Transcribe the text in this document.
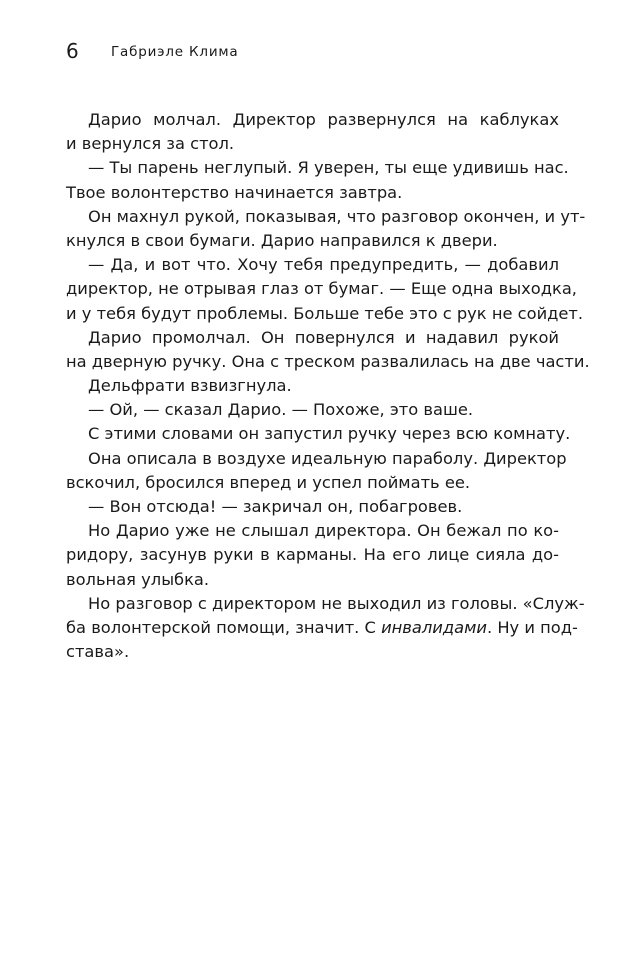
6 Габриэле Клима
Дарио молчал. Директор развернулся на каблуках
и вернулся за стол.
— Ты парень неглупый. Я уверен, ты еще удивишь нас.
Твое волонтерство начинается завтра.
Он махнул рукой, показывая, что разговор окончен, и ут-
кнулся в свои бумаги. Дарио направился к двери.
— Да, и вот что. Хочу тебя предупредить, — добавил
директор, не отрывая глаз от бумаг. — Еще одна выходка,
и у тебя будут проблемы. Больше тебе это с рук не сойдет.
Дарио промолчал. Он повернулся и надавил рукой
на дверную ручку. Она с треском развалилась на две части.
Дельфрати взвизгнула.
— Ой, — сказал Дарио. — Похоже, это ваше.
С этими словами он запустил ручку через всю комнату.
Она описала в воздухе идеальную параболу. Директор
вскочил, бросился вперед и успел поймать ее.
— Вон отсюда! — закричал он, побагровев.
Но Дарио уже не слышал директора. Он бежал по ко-
ридору, засунув руки в карманы. На его лице сияла до-
вольная улыбка.
Но разговор с директором не выходил из головы. «Служ-
ба волонтерской помощи, значит. С инвалидами. Ну и под-
става».
